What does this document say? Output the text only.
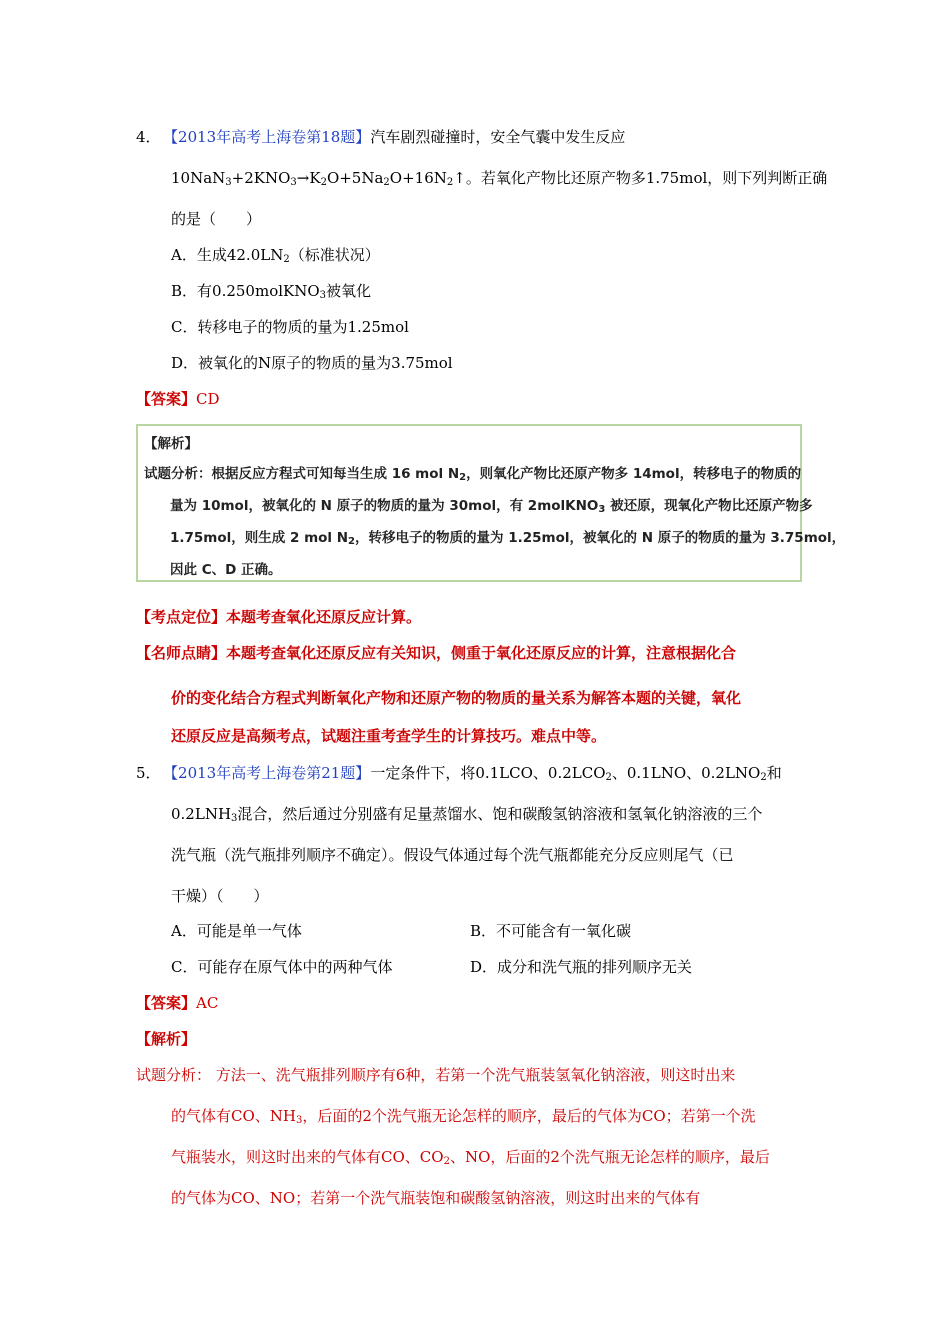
4． 【2013年高考上海卷第18题】汽车剧烈碰撞时，安全气囊中发生反应
$10NaN_3+2KNO_3\to K_2O+5Na_2O+16N_2↑$。若氧化产物比还原产物多1.75mol，则下列判断正确
的是（　　）
A．生成$42.0LN_2$（标准状况）
B．有0.250molKNO$_3$被氧化
C．转移电子的物质的量为1.25mol
D．被氧化的N原子的物质的量为3.75mol
【答案】CD
【解析】
试题分析：根据反应方程式可知每当生成 16 mol $N_2$，则氧化产物比还原产物多 14mol，转移电子的物质的
量为 10mol，被氧化的 N 原子的物质的量为 30mol，有 2molKNO$_3$ 被还原，现氧化产物比还原产物多
1.75mol，则生成 2 mol $N_2$，转移电子的物质的量为 1.25mol，被氧化的 N 原子的物质的量为 3.75mol，
因此 C、D 正确。
【考点定位】本题考查氧化还原反应计算。
【名师点睛】本题考查氧化还原反应有关知识，侧重于氧化还原反应的计算，注意根据化合
价的变化结合方程式判断氧化产物和还原产物的物质的量关系为解答本题的关键，氧化
还原反应是高频考点，试题注重考查学生的计算技巧。难点中等。
5． 【2013年高考上海卷第21题】一定条件下，将0.1LCO、$0.2LCO_2$、0.1LNO、$0.2LNO_2$和
$0.2LNH_3$混合，然后通过分别盛有足量蒸馏水、饱和碳酸氢钠溶液和氢氧化钠溶液的三个
洗气瓶（洗气瓶排列顺序不确定）。假设气体通过每个洗气瓶都能充分反应则尾气（已
干燥）（　　）
A．可能是单一气体	B．不可能含有一氧化碳
C．可能存在原气体中的两种气体	D．成分和洗气瓶的排列顺序无关
【答案】AC
【解析】
试题分析： 方法一、洗气瓶排列顺序有6种，若第一个洗气瓶装氢氧化钠溶液，则这时出来
的气体有CO、$NH_3$，后面的2个洗气瓶无论怎样的顺序，最后的气体为CO；若第一个洗
气瓶装水，则这时出来的气体有CO、$CO_2$、NO，后面的2个洗气瓶无论怎样的顺序，最后
的气体为CO、NO；若第一个洗气瓶装饱和碳酸氢钠溶液，则这时出来的气体有
